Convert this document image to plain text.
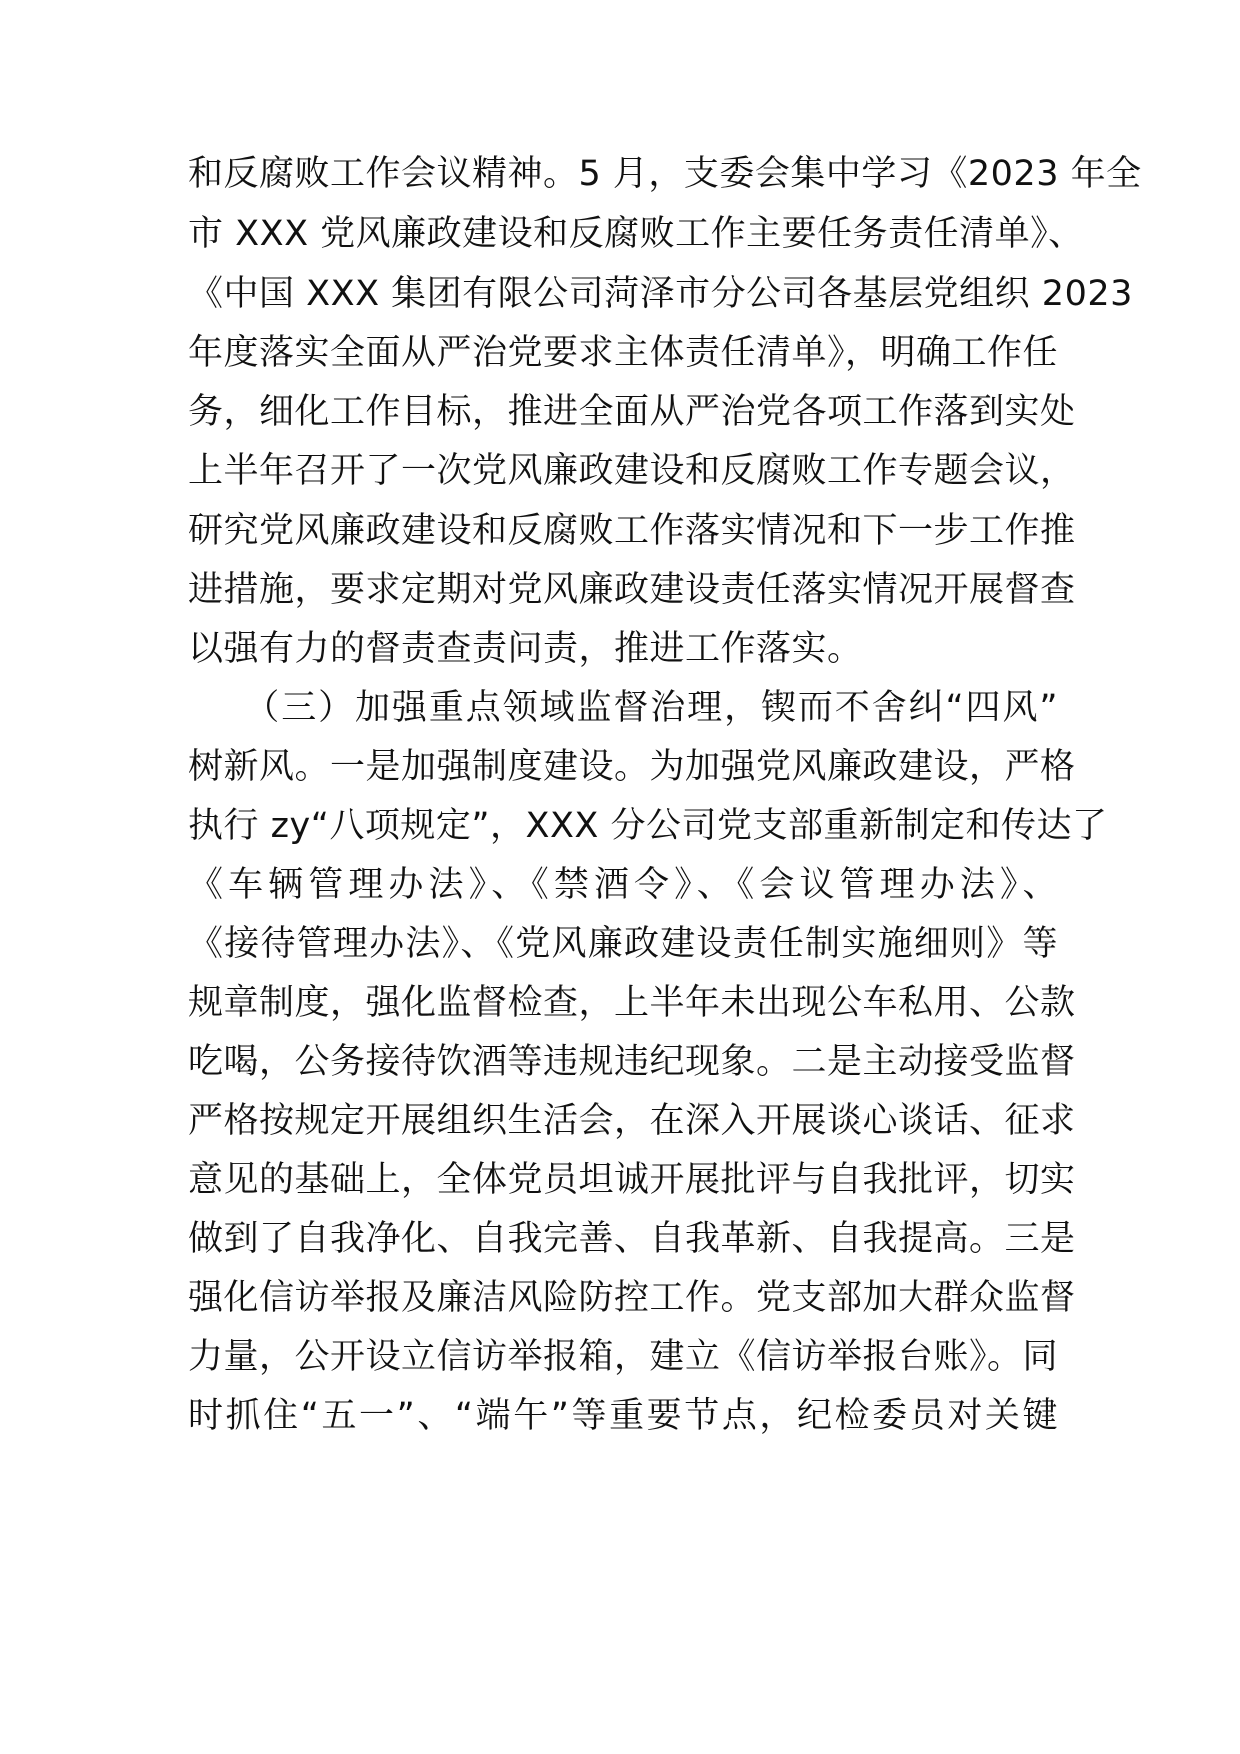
和反腐败工作会议精神。5 月，支委会集中学习《2023 年全
市 XXX 党风廉政建设和反腐败工作主要任务责任清单》、
《中国 XXX 集团有限公司菏泽市分公司各基层党组织 2023
年度落实全面从严治党要求主体责任清单》，明确工作任
务，细化工作目标，推进全面从严治党各项工作落到实处
上半年召开了一次党风廉政建设和反腐败工作专题会议，
研究党风廉政建设和反腐败工作落实情况和下一步工作推
进措施，要求定期对党风廉政建设责任落实情况开展督查
以强有力的督责查责问责，推进工作落实。
　　（三）加强重点领域监督治理，锲而不舍纠“四风”
树新风。一是加强制度建设。为加强党风廉政建设，严格
执行 zy“八项规定”，XXX 分公司党支部重新制定和传达了
《车辆管理办法》、《禁酒令》、《会议管理办法》、
《接待管理办法》、《党风廉政建设责任制实施细则》等
规章制度，强化监督检查，上半年未出现公车私用、公款
吃喝，公务接待饮酒等违规违纪现象。二是主动接受监督
严格按规定开展组织生活会，在深入开展谈心谈话、征求
意见的基础上，全体党员坦诚开展批评与自我批评，切实
做到了自我净化、自我完善、自我革新、自我提高。三是
强化信访举报及廉洁风险防控工作。党支部加大群众监督
力量，公开设立信访举报箱，建立《信访举报台账》。同
时抓住“五一”、“端午”等重要节点，纪检委员对关键
